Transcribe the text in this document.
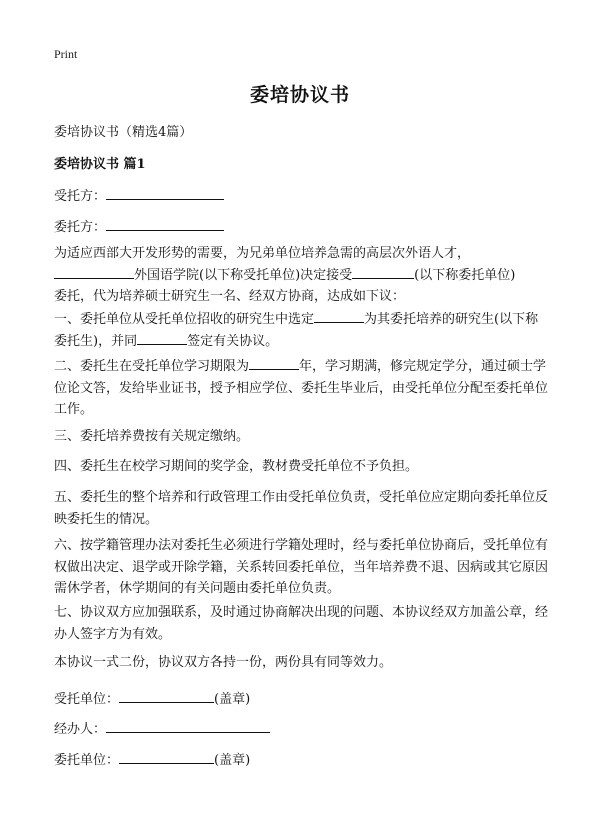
Print
委培协议书
委培协议书（精选4篇）
委培协议书 篇1
受托方：
委托方：
为适应西部大开发形势的需要，为兄弟单位培养急需的高层次外语人才，
外国语学院(以下称受托单位)决定接受	(以下称委托单位)
委托，代为培养硕士研究生一名、经双方协商，达成如下议：
一、委托单位从受托单位招收的研究生中选定	为其委托培养的研究生(以下称委托生)，并同	签定有关协议。
二、委托生在受托单位学习期限为	年，学习期满，修完规定学分，通过硕士学位论文答，发给毕业证书，授予相应学位、委托生毕业后，由受托单位分配至委托单位工作。
三、委托培养费按有关规定缴纳。
四、委托生在校学习期间的奖学金，教材费受托单位不予负担。
五、委托生的整个培养和行政管理工作由受托单位负责，受托单位应定期向委托单位反映委托生的情况。
六、按学籍管理办法对委托生必须进行学籍处理时，经与委托单位协商后，受托单位有权做出决定、退学或开除学籍，关系转回委托单位，当年培养费不退、因病或其它原因需休学者，休学期间的有关问题由委托单位负责。
七、协议双方应加强联系，及时通过协商解决出现的问题、本协议经双方加盖公章，经办人签字方为有效。
本协议一式二份，协议双方各持一份，两份具有同等效力。
受托单位：	(盖章)
经办人：
委托单位：	(盖章)
